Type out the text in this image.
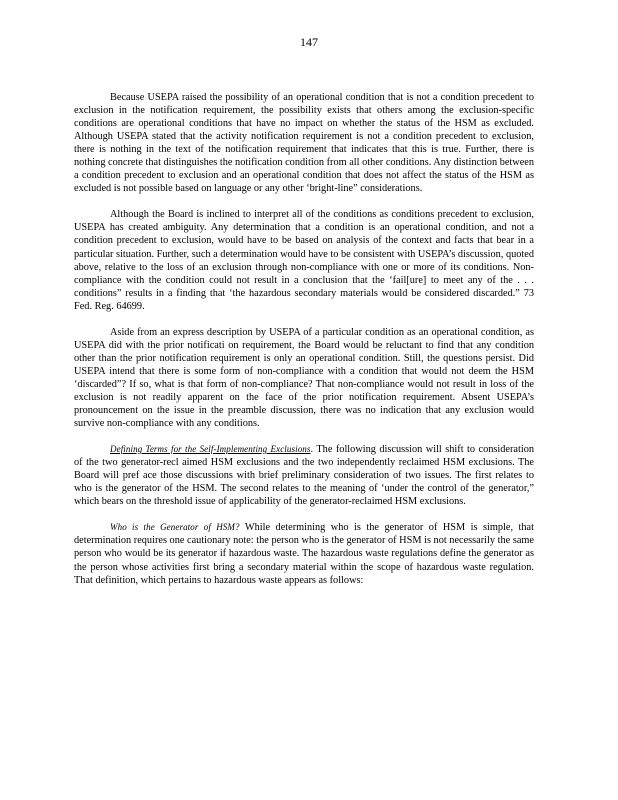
147

Because USEPA raised the possibility of an operational condition that is not a condition precedent to exclusion in the notification requirement, the possibility exists that others among the exclusion-specific conditions are operational conditions that have no impact on whether the status of the HSM as excluded. Although USEPA stated that the activity notification requirement is not a condition precedent to exclusion, there is nothing in the text of the notification requirement that indicates that this is true. Further, there is nothing concrete that distinguishes the notification condition from all other conditions. Any distinction between a condition precedent to exclusion and an operational condition that does not affect the status of the HSM as excluded is not possible based on language or any other ‘bright-line” considerations.

Although the Board is inclined to interpret all of the conditions as conditions precedent to exclusion, USEPA has created ambiguity. Any determination that a condition is an operational condition, and not a condition precedent to exclusion, would have to be based on analysis of the context and facts that bear in a particular situation. Further, such a determination would have to be consistent with USEPA’s discussion, quoted above, relative to the loss of an exclusion through non-compliance with one or more of its conditions. Non-compliance with the condition could not result in a conclusion that the ‘fail[ure] to meet any of the . . . conditions” results in a finding that ‘the hazardous secondary materials would be considered discarded.” 73 Fed. Reg. 64699.

Aside from an express description by USEPA of a particular condition as an operational condition, as USEPA did with the prior notificati on requirement, the Board would be reluctant to find that any condition other than the prior notification requirement is only an operational condition. Still, the questions persist. Did USEPA intend that there is some form of non-compliance with a condition that would not deem the HSM ‘discarded”? If so, what is that form of non-compliance? That non-compliance would not result in loss of the exclusion is not readily apparent on the face of the prior notification requirement. Absent USEPA’s pronouncement on the issue in the preamble discussion, there was no indication that any exclusion would survive non-compliance with any conditions.

Defining Terms for the Self-Implementing Exclusions. The following discussion will shift to consideration of the two generator-recl aimed HSM exclusions and the two independently reclaimed HSM exclusions. The Board will pref ace those discussions with brief preliminary consideration of two issues. The first relates to who is the generator of the HSM. The second relates to the meaning of ‘under the control of the generator,” which bears on the threshold issue of applicability of the generator-reclaimed HSM exclusions.

Who is the Generator of HSM? While determining who is the generator of HSM is simple, that determination requires one cautionary note: the person who is the generator of HSM is not necessarily the same person who would be its generator if hazardous waste. The hazardous waste regulations define the generator as the person whose activities first bring a secondary material within the scope of hazardous waste regulation. That definition, which pertains to hazardous waste appears as follows:
